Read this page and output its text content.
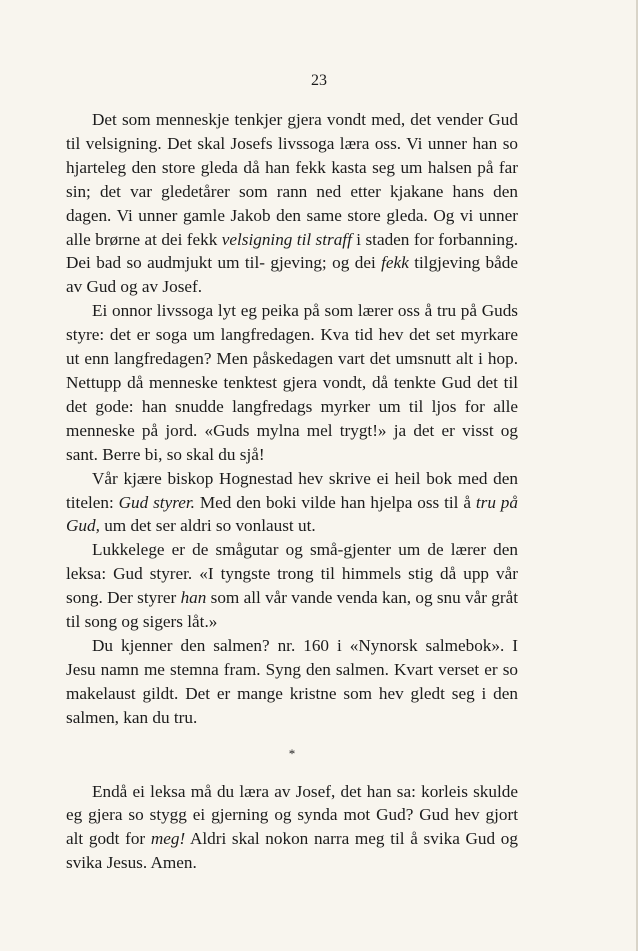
23

Det som menneskje tenkjer gjera vondt med, det vender Gud til velsigning. Det skal Josefs livssoga læra oss. Vi unner han so hjarteleg den store gleda då han fekk kasta seg um halsen på far sin; det var gledetårer som rann ned etter kjakane hans den dagen. Vi unner gamle Jakob den same store gleda. Og vi unner alle brørne at dei fekk velsigning til straff i staden for forbanning. Dei bad so audmjukt um til- gjeving; og dei fekk tilgjeving både av Gud og av Josef.

Ei onnor livssoga lyt eg peika på som lærer oss å tru på Guds styre: det er soga um langfredagen. Kva tid hev det set myrkare ut enn langfredagen? Men påskedagen vart det umsnutt alt i hop. Nettupp då menneske tenktest gjera vondt, då tenkte Gud det til det gode: han snudde langfredags myrker um til ljos for alle menneske på jord. «Guds mylna mel trygt!» ja det er visst og sant. Berre bi, so skal du sjå!

Vår kjære biskop Hognestad hev skrive ei heil bok med den titelen: Gud styrer. Med den boki vilde han hjelpa oss til å tru på Gud, um det ser aldri so vonlaust ut.

Lukkelege er de smågutar og små-gjenter um de lærer den leksa: Gud styrer. «I tyngste trong til himmels stig då upp vår song. Der styrer han som all vår vande venda kan, og snu vår gråt til song og sigers låt.»

Du kjenner den salmen? nr. 160 i «Nynorsk salmebok». I Jesu namn me stemna fram. Syng den salmen. Kvart verset er so makelaust gildt. Det er mange kristne som hev gledt seg i den salmen, kan du tru.

*

Endå ei leksa må du læra av Josef, det han sa: korleis skulde eg gjera so stygg ei gjerning og synda mot Gud? Gud hev gjort alt godt for meg! Aldri skal nokon narra meg til å svika Gud og svika Jesus. Amen.
